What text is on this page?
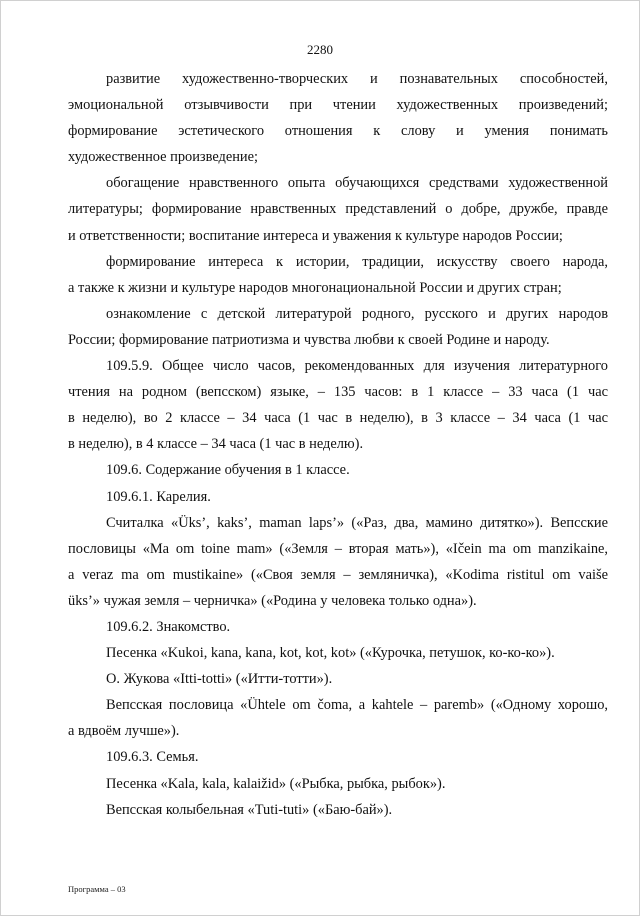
2280

развитие художественно-творческих и познавательных способностей,
эмоциональной отзывчивости при чтении художественных произведений;
формирование эстетического отношения к слову и умения понимать
художественное произведение;

обогащение нравственного опыта обучающихся средствами художественной
литературы; формирование нравственных представлений о добре, дружбе, правде
и ответственности; воспитание интереса и уважения к культуре народов России;

формирование интереса к истории, традиции, искусству своего народа,
а также к жизни и культуре народов многонациональной России и других стран;

ознакомление с детской литературой родного, русского и других народов
России; формирование патриотизма и чувства любви к своей Родине и народу.

109.5.9. Общее число часов, рекомендованных для изучения литературного
чтения на родном (вепсском) языке, – 135 часов: в 1 классе – 33 часа (1 час
в неделю), во 2 классе – 34 часа (1 час в неделю), в 3 классе – 34 часа (1 час
в неделю), в 4 классе – 34 часа (1 час в неделю).

109.6. Содержание обучения в 1 классе.

109.6.1. Карелия.

Считалка «Üks’, kaks’, maman laps’» («Раз, два, мамино дитятко»). Вепсские
пословицы «Ma om toine mam» («Земля – вторая мать»), «Ičein ma om manzikaine,
a veraz ma om mustikaine» («Своя земля – земляничка), «Kodima ristitul om vaiše
üks’» чужая земля – черничка» («Родина у человека только одна»).

109.6.2. Знакомство.

Песенка «Kukoi, kana, kana, kot, kot, kot» («Курочка, петушок, ко-ко-ко»).

О. Жукова «Itti-totti» («Итти-тотти»).

Вепсская пословица «Ühtele om čoma, a kahtele – paremb» («Одному хорошо,
а вдвоём лучше»).

109.6.3. Семья.

Песенка «Kala, kala, kalaižid» («Рыбка, рыбка, рыбок»).

Вепсская колыбельная «Tuti-tuti» («Баю-бай»).

Программа – 03
